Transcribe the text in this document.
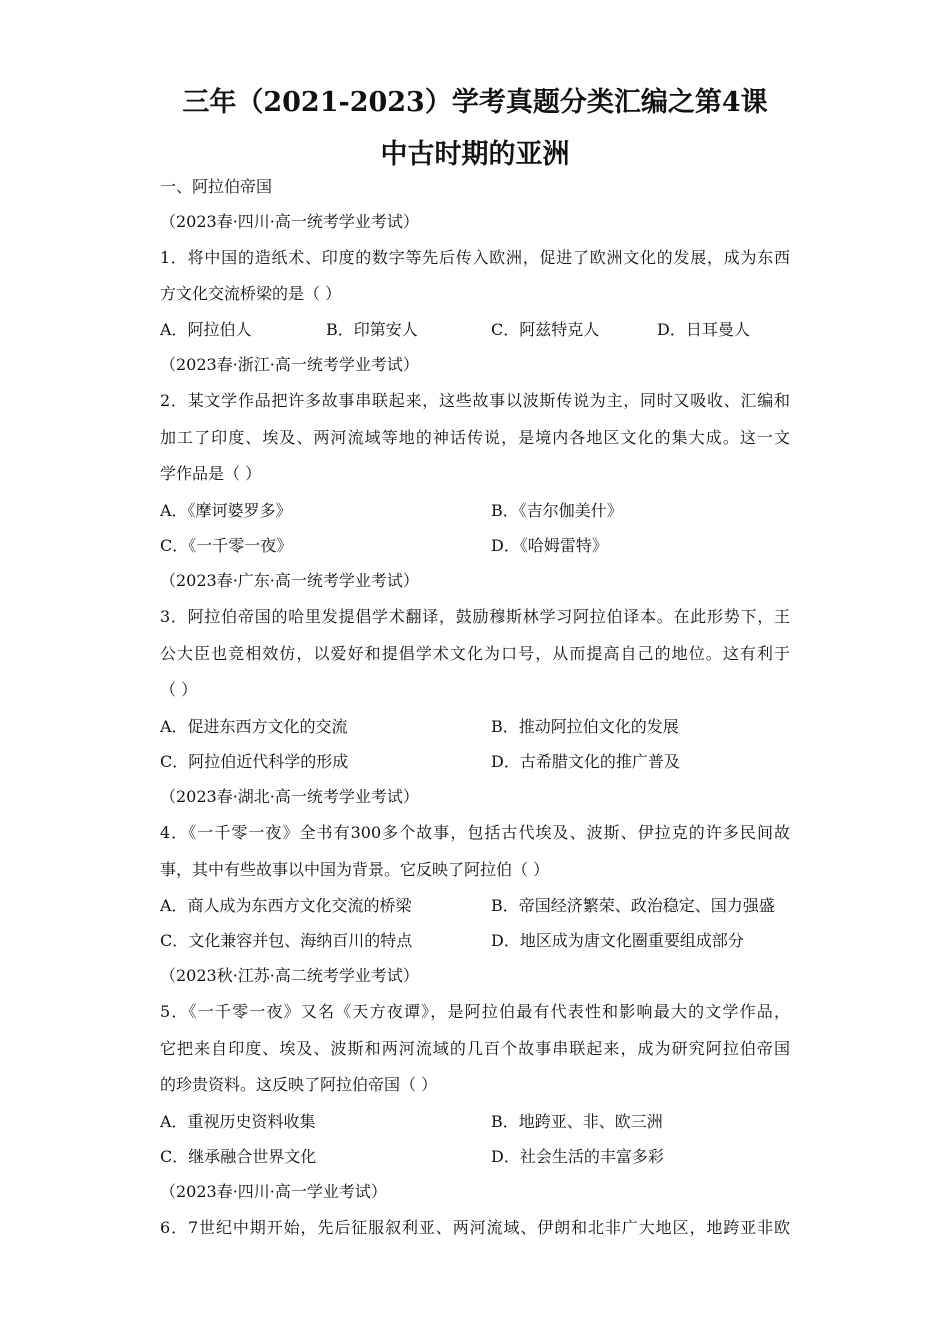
三年（2021-2023）学考真题分类汇编之第4课
中古时期的亚洲
一、阿拉伯帝国
（2023春·四川·高一统考学业考试）
1．将中国的造纸术、印度的数字等先后传入欧洲，促进了欧洲文化的发展，成为东西
方文化交流桥梁的是（ ）
A．阿拉伯人	B．印第安人	C．阿兹特克人	D．日耳曼人
（2023春·浙江·高一统考学业考试）
2．某文学作品把许多故事串联起来，这些故事以波斯传说为主，同时又吸收、汇编和
加工了印度、埃及、两河流域等地的神话传说，是境内各地区文化的集大成。这一文
学作品是（ ）
A．《摩诃婆罗多》	B．《吉尔伽美什》
C．《一千零一夜》	D．《哈姆雷特》
（2023春·广东·高一统考学业考试）
3．阿拉伯帝国的哈里发提倡学术翻译，鼓励穆斯林学习阿拉伯译本。在此形势下，王
公大臣也竞相效仿，以爱好和提倡学术文化为口号，从而提高自己的地位。这有利于
（ ）
A．促进东西方文化的交流	B．推动阿拉伯文化的发展
C．阿拉伯近代科学的形成	D．古希腊文化的推广普及
（2023春·湖北·高一统考学业考试）
4．《一千零一夜》全书有300多个故事，包括古代埃及、波斯、伊拉克的许多民间故
事，其中有些故事以中国为背景。它反映了阿拉伯（ ）
A．商人成为东西方文化交流的桥梁	B．帝国经济繁荣、政治稳定、国力强盛
C．文化兼容并包、海纳百川的特点	D．地区成为唐文化圈重要组成部分
（2023秋·江苏·高二统考学业考试）
5．《一千零一夜》又名《天方夜谭》，是阿拉伯最有代表性和影响最大的文学作品，
它把来自印度、埃及、波斯和两河流域的几百个故事串联起来，成为研究阿拉伯帝国
的珍贵资料。这反映了阿拉伯帝国（ ）
A．重视历史资料收集	B．地跨亚、非、欧三洲
C．继承融合世界文化	D．社会生活的丰富多彩
（2023春·四川·高一学业考试）
6．7世纪中期开始，先后征服叙利亚、两河流域、伊朗和北非广大地区，地跨亚非欧
